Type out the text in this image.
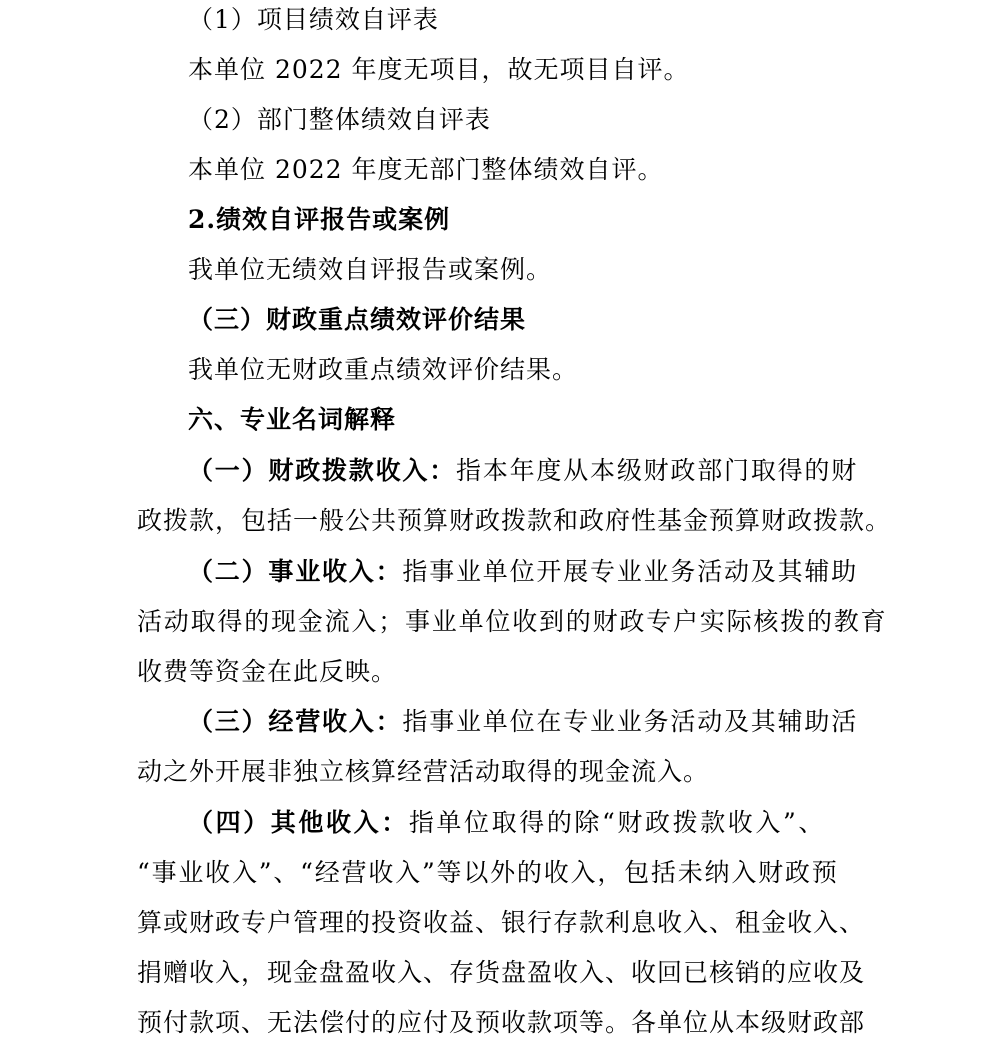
（1）项目绩效自评表
本单位 2022 年度无项目，故无项目自评。
（2）部门整体绩效自评表
本单位 2022 年度无部门整体绩效自评。
2.绩效自评报告或案例
我单位无绩效自评报告或案例。
（三）财政重点绩效评价结果
我单位无财政重点绩效评价结果。
六、专业名词解释
（一）财政拨款收入：指本年度从本级财政部门取得的财
政拨款，包括一般公共预算财政拨款和政府性基金预算财政拨款。
（二）事业收入：指事业单位开展专业业务活动及其辅助
活动取得的现金流入；事业单位收到的财政专户实际核拨的教育
收费等资金在此反映。
（三）经营收入：指事业单位在专业业务活动及其辅助活
动之外开展非独立核算经营活动取得的现金流入。
（四）其他收入：指单位取得的除“财政拨款收入”、
“事业收入”、“经营收入”等以外的收入，包括未纳入财政预
算或财政专户管理的投资收益、银行存款利息收入、租金收入、
捐赠收入，现金盘盈收入、存货盘盈收入、收回已核销的应收及
预付款项、无法偿付的应付及预收款项等。各单位从本级财政部
